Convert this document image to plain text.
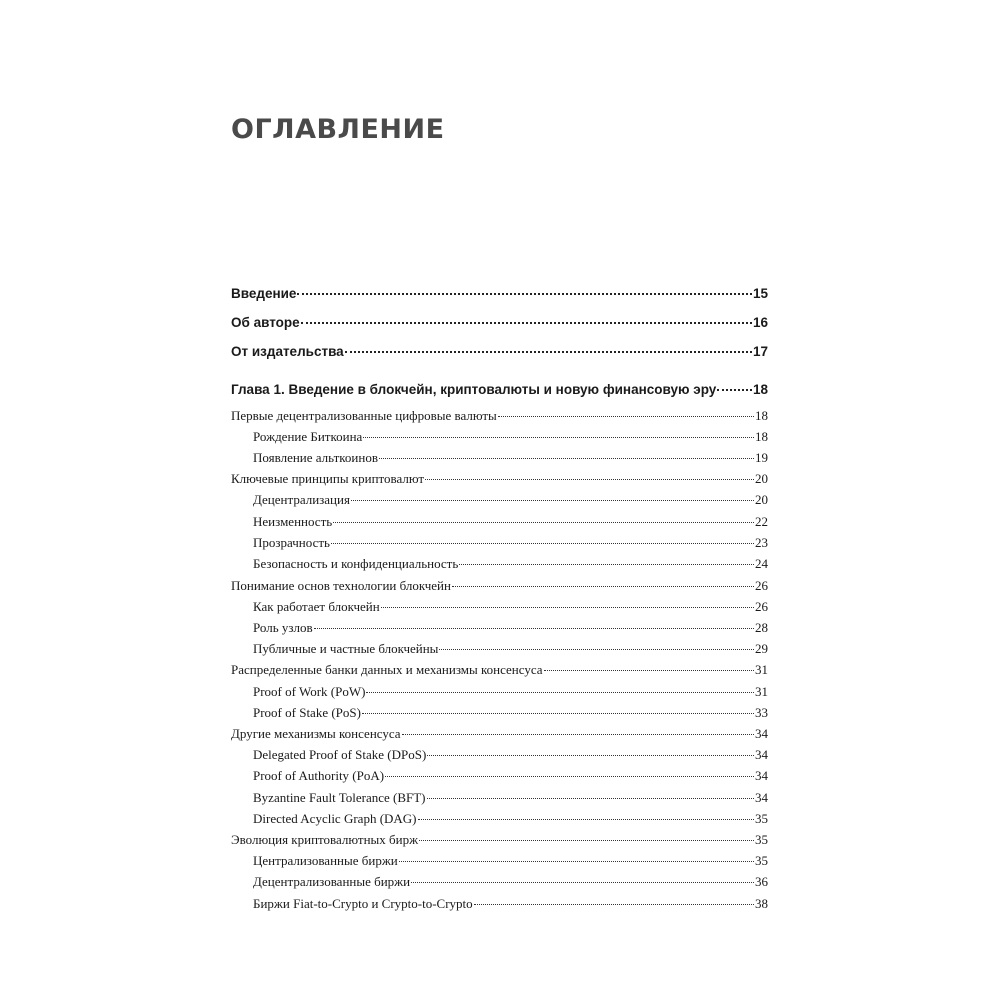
ОГЛАВЛЕНИЕ
Введение	15
Об авторе	16
От издательства	17
Глава 1. Введение в блокчейн, криптовалюты и новую финансовую эру	18
Первые децентрализованные цифровые валюты	18
Рождение Биткоина	18
Появление альткоинов	19
Ключевые принципы криптовалют	20
Децентрализация	20
Неизменность	22
Прозрачность	23
Безопасность и конфиденциальность	24
Понимание основ технологии блокчейн	26
Как работает блокчейн	26
Роль узлов	28
Публичные и частные блокчейны	29
Распределенные банки данных и механизмы консенсуса	31
Proof of Work (PoW)	31
Proof of Stake (PoS)	33
Другие механизмы консенсуса	34
Delegated Proof of Stake (DPoS)	34
Proof of Authority (PoA)	34
Byzantine Fault Tolerance (BFT)	34
Directed Acyclic Graph (DAG)	35
Эволюция криптовалютных бирж	35
Централизованные биржи	35
Децентрализованные биржи	36
Биржи Fiat-to-Crypto и Crypto-to-Crypto	38
